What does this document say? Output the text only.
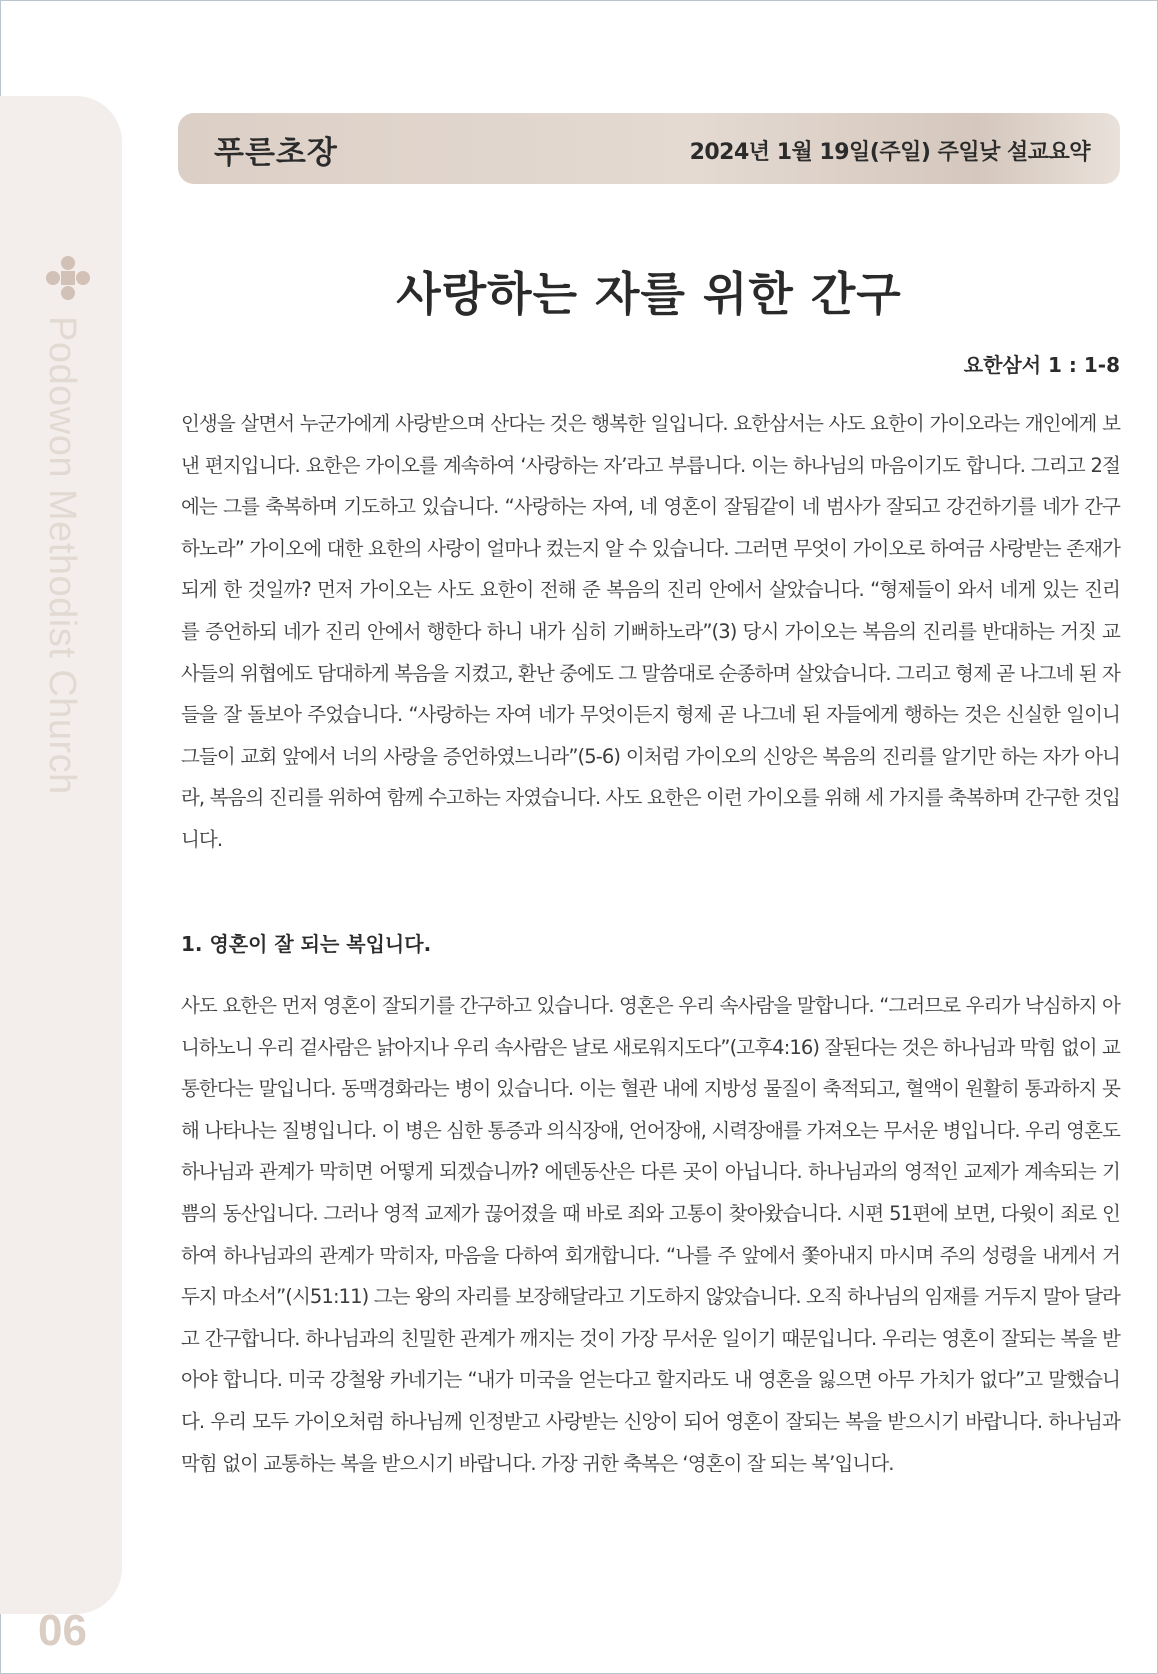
Podowon Methodist Church
06
푸른초장	2024년 1월 19일(주일) 주일낮 설교요약
사랑하는 자를 위한 간구
요한삼서 1 : 1-8
인생을 살면서 누군가에게 사랑받으며 산다는 것은 행복한 일입니다. 요한삼서는 사도 요한이 가이오라는 개인에게 보낸 편지입니다. 요한은 가이오를 계속하여 ‘사랑하는 자’라고 부릅니다. 이는 하나님의 마음이기도 합니다. 그리고 2절에는 그를 축복하며 기도하고 있습니다. “사랑하는 자여, 네 영혼이 잘됨같이 네 범사가 잘되고 강건하기를 네가 간구하노라” 가이오에 대한 요한의 사랑이 얼마나 컸는지 알 수 있습니다. 그러면 무엇이 가이오로 하여금 사랑받는 존재가 되게 한 것일까? 먼저 가이오는 사도 요한이 전해 준 복음의 진리 안에서 살았습니다. “형제들이 와서 네게 있는 진리를 증언하되 네가 진리 안에서 행한다 하니 내가 심히 기뻐하노라”(3) 당시 가이오는 복음의 진리를 반대하는 거짓 교사들의 위협에도 담대하게 복음을 지켰고, 환난 중에도 그 말씀대로 순종하며 살았습니다. 그리고 형제 곧 나그네 된 자들을 잘 돌보아 주었습니다. “사랑하는 자여 네가 무엇이든지 형제 곧 나그네 된 자들에게 행하는 것은 신실한 일이니 그들이 교회 앞에서 너의 사랑을 증언하였느니라”(5-6) 이처럼 가이오의 신앙은 복음의 진리를 알기만 하는 자가 아니라, 복음의 진리를 위하여 함께 수고하는 자였습니다. 사도 요한은 이런 가이오를 위해 세 가지를 축복하며 간구한 것입니다.
1. 영혼이 잘 되는 복입니다.
사도 요한은 먼저 영혼이 잘되기를 간구하고 있습니다. 영혼은 우리 속사람을 말합니다. “그러므로 우리가 낙심하지 아니하노니 우리 겉사람은 낡아지나 우리 속사람은 날로 새로워지도다”(고후4:16) 잘된다는 것은 하나님과 막힘 없이 교통한다는 말입니다. 동맥경화라는 병이 있습니다. 이는 혈관 내에 지방성 물질이 축적되고, 혈액이 원활히 통과하지 못해 나타나는 질병입니다. 이 병은 심한 통증과 의식장애, 언어장애, 시력장애를 가져오는 무서운 병입니다. 우리 영혼도 하나님과 관계가 막히면 어떻게 되겠습니까? 에덴동산은 다른 곳이 아닙니다. 하나님과의 영적인 교제가 계속되는 기쁨의 동산입니다. 그러나 영적 교제가 끊어졌을 때 바로 죄와 고통이 찾아왔습니다. 시편 51편에 보면, 다윗이 죄로 인하여 하나님과의 관계가 막히자, 마음을 다하여 회개합니다. “나를 주 앞에서 쫓아내지 마시며 주의 성령을 내게서 거두지 마소서”(시51:11) 그는 왕의 자리를 보장해달라고 기도하지 않았습니다. 오직 하나님의 임재를 거두지 말아 달라고 간구합니다. 하나님과의 친밀한 관계가 깨지는 것이 가장 무서운 일이기 때문입니다. 우리는 영혼이 잘되는 복을 받아야 합니다. 미국 강철왕 카네기는 “내가 미국을 얻는다고 할지라도 내 영혼을 잃으면 아무 가치가 없다”고 말했습니다. 우리 모두 가이오처럼 하나님께 인정받고 사랑받는 신앙이 되어 영혼이 잘되는 복을 받으시기 바랍니다. 하나님과 막힘 없이 교통하는 복을 받으시기 바랍니다. 가장 귀한 축복은 ‘영혼이 잘 되는 복’입니다.
